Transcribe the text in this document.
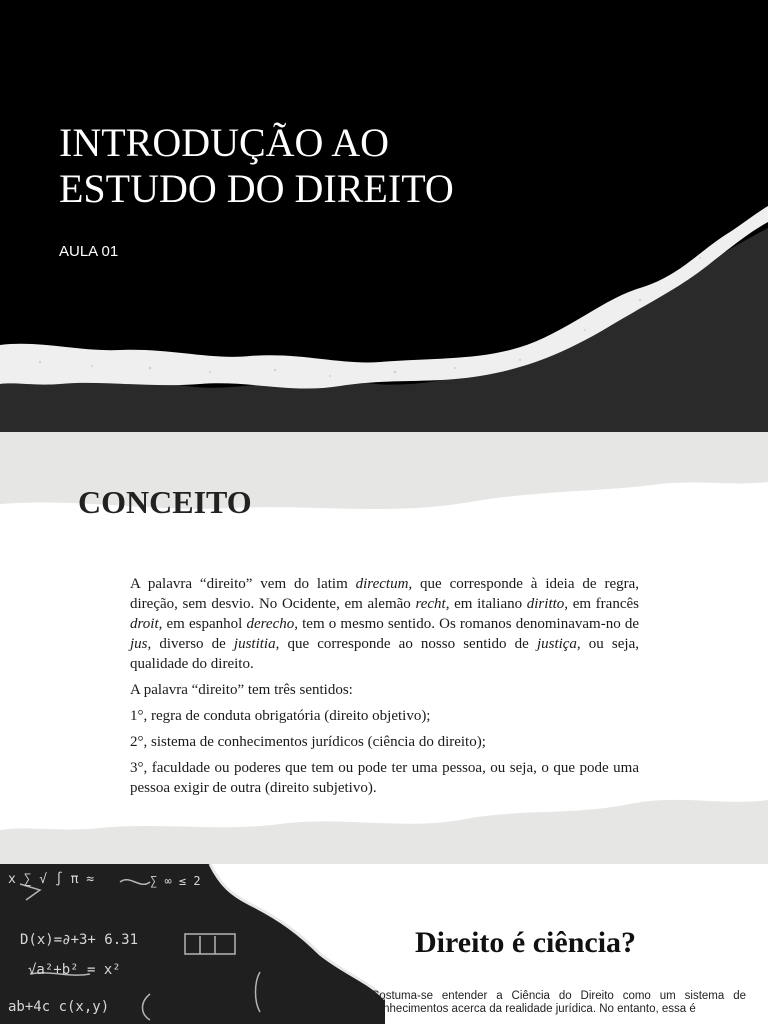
INTRODUÇÃO AO
ESTUDO DO DIREITO
AULA 01
CONCEITO

A palavra “direito” vem do latim directum, que corresponde à ideia de regra, direção, sem desvio. No Ocidente, em alemão recht, em italiano diritto, em francês droit, em espanhol derecho, tem o mesmo sentido. Os romanos denominavam-no de jus, diverso de justitia, que corresponde ao nosso sentido de justiça, ou seja, qualidade do direito.

A palavra “direito” tem três sentidos:

1°, regra de conduta obrigatória (direito objetivo);

2°, sistema de conhecimentos jurídicos (ciência do direito);

3°, faculdade ou poderes que tem ou pode ter uma pessoa, ou seja, o que pode uma pessoa exigir de outra (direito subjetivo).

x ∑ √ ∫ π ≈
D(x)=∂+3+ 6.31
√a²+b² = x²
ab+4c c(x,y)
∑ ∞ ≤ 2
Direito é ciência?

Costuma-se entender a Ciência do Direito como um sistema de conhecimentos acerca da realidade jurídica. No entanto, essa é
